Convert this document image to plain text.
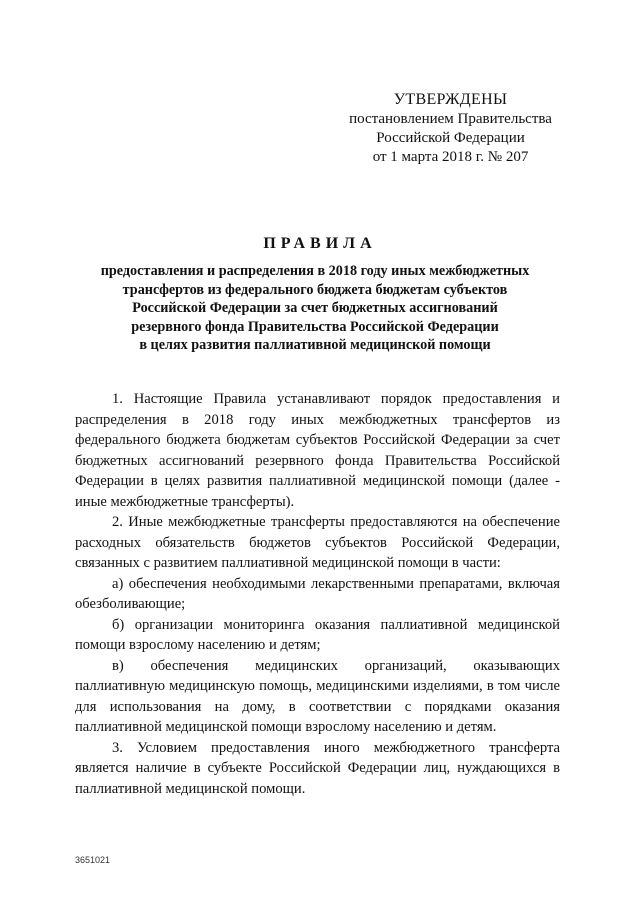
УТВЕРЖДЕНЫ
постановлением Правительства
Российской Федерации
от 1 марта 2018 г. № 207
ПРАВИЛА
предоставления и распределения в 2018 году иных межбюджетных
трансфертов из федерального бюджета бюджетам субъектов
Российской Федерации за счет бюджетных ассигнований
резервного фонда Правительства Российской Федерации
в целях развития паллиативной медицинской помощи

1. Настоящие Правила устанавливают порядок предоставления и распределения в 2018 году иных межбюджетных трансфертов из федерального бюджета бюджетам субъектов Российской Федерации за счет бюджетных ассигнований резервного фонда Правительства Российской Федерации в целях развития паллиативной медицинской помощи (далее - иные межбюджетные трансферты).

2. Иные межбюджетные трансферты предоставляются на обеспечение расходных обязательств бюджетов субъектов Российской Федерации, связанных с развитием паллиативной медицинской помощи в части:

а) обеспечения необходимыми лекарственными препаратами, включая обезболивающие;

б) организации мониторинга оказания паллиативной медицинской помощи взрослому населению и детям;

в) обеспечения медицинских организаций, оказывающих паллиативную медицинскую помощь, медицинскими изделиями, в том числе для использования на дому, в соответствии с порядками оказания паллиативной медицинской помощи взрослому населению и детям.

3. Условием предоставления иного межбюджетного трансферта является наличие в субъекте Российской Федерации лиц, нуждающихся в паллиативной медицинской помощи.

3651021
